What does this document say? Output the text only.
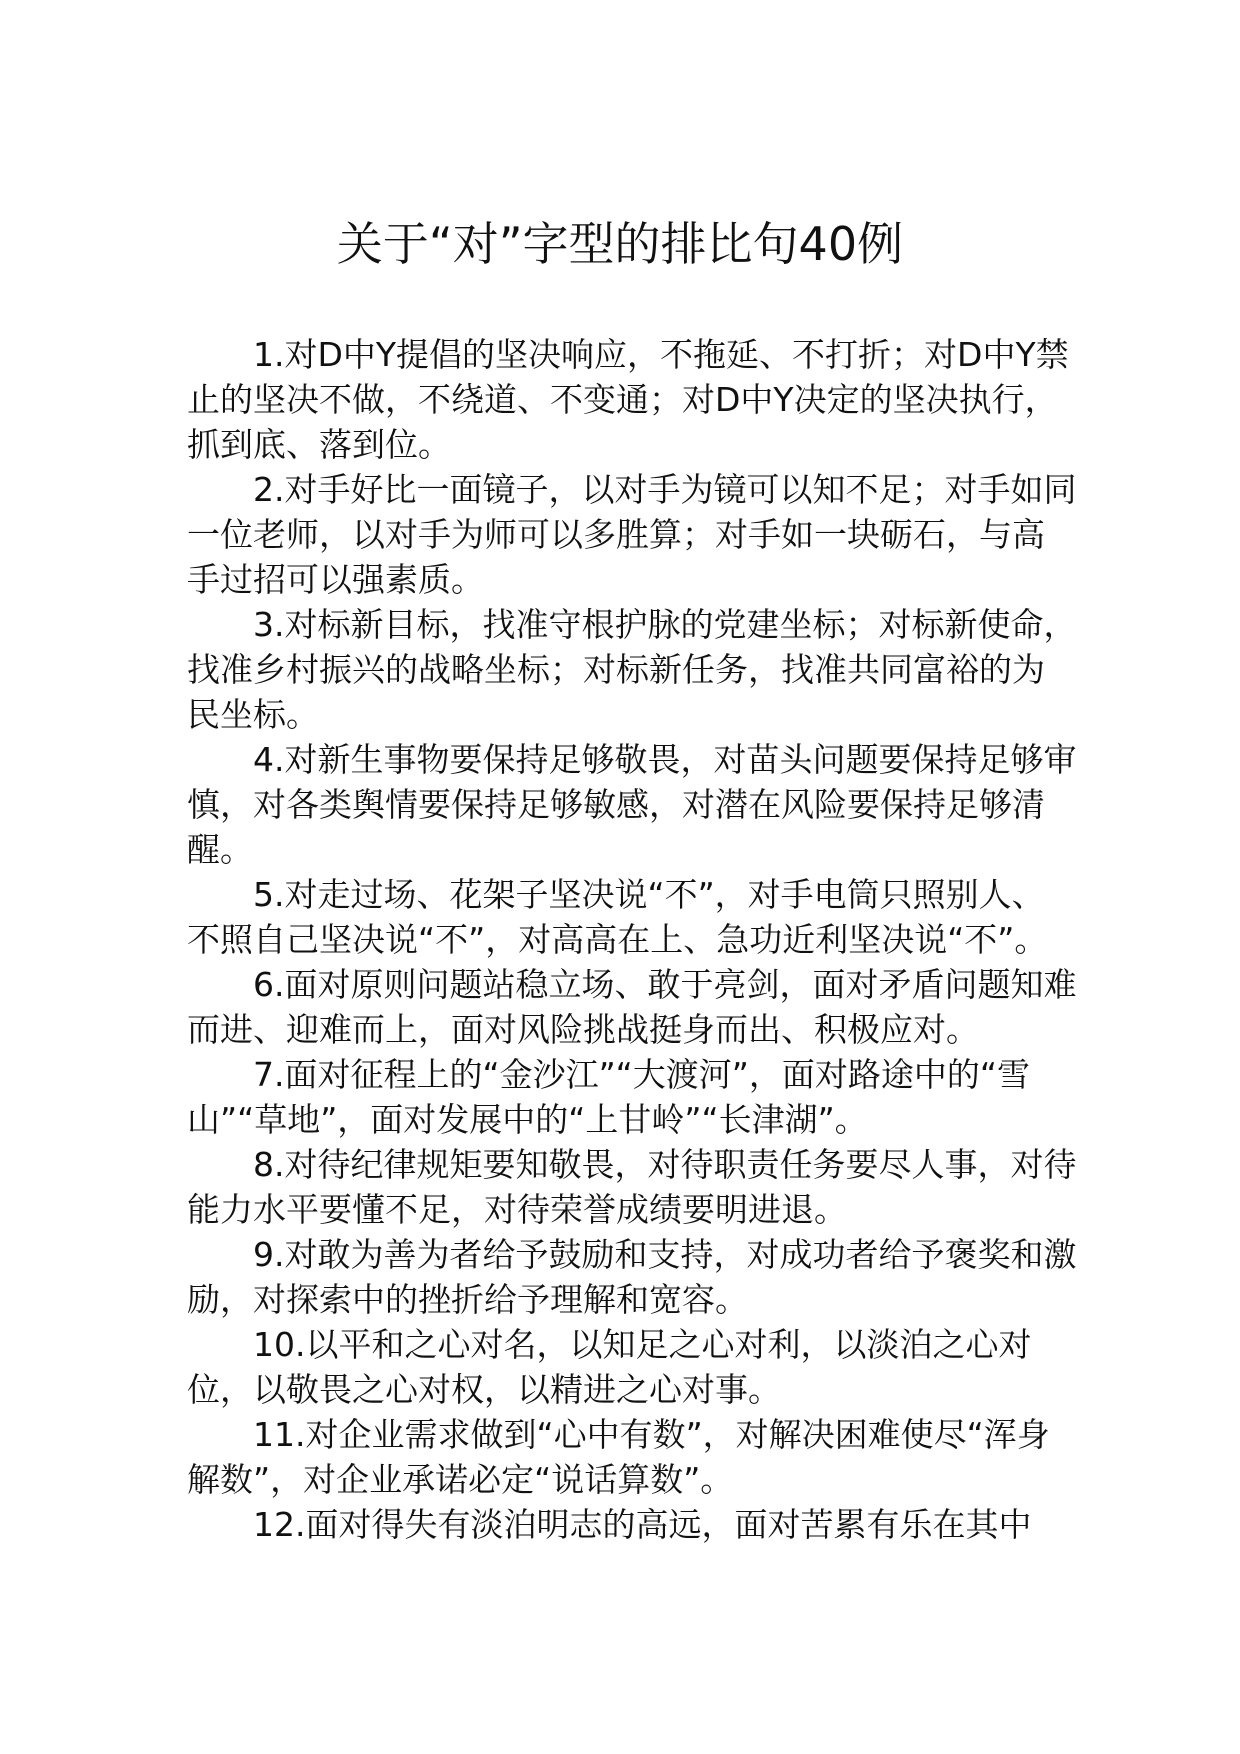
关于“对”字型的排比句40例

1.对D中Y提倡的坚决响应，不拖延、不打折；对D中Y禁止的坚决不做，不绕道、不变通；对D中Y决定的坚决执行，抓到底、落到位。

2.对手好比一面镜子，以对手为镜可以知不足；对手如同一位老师，以对手为师可以多胜算；对手如一块砺石，与高手过招可以强素质。

3.对标新目标，找准守根护脉的党建坐标；对标新使命，找准乡村振兴的战略坐标；对标新任务，找准共同富裕的为民坐标。

4.对新生事物要保持足够敬畏，对苗头问题要保持足够审慎，对各类舆情要保持足够敏感，对潜在风险要保持足够清醒。

5.对走过场、花架子坚决说“不”，对手电筒只照别人、不照自己坚决说“不”，对高高在上、急功近利坚决说“不”。

6.面对原则问题站稳立场、敢于亮剑，面对矛盾问题知难而进、迎难而上，面对风险挑战挺身而出、积极应对。

7.面对征程上的“金沙江”“大渡河”，面对路途中的“雪山”“草地”，面对发展中的“上甘岭”“长津湖”。

8.对待纪律规矩要知敬畏，对待职责任务要尽人事，对待能力水平要懂不足，对待荣誉成绩要明进退。

9.对敢为善为者给予鼓励和支持，对成功者给予褒奖和激励，对探索中的挫折给予理解和宽容。

10.以平和之心对名，以知足之心对利，以淡泊之心对位，以敬畏之心对权，以精进之心对事。

11.对企业需求做到“心中有数”，对解决困难使尽“浑身解数”，对企业承诺必定“说话算数”。

12.面对得失有淡泊明志的高远，面对苦累有乐在其中
